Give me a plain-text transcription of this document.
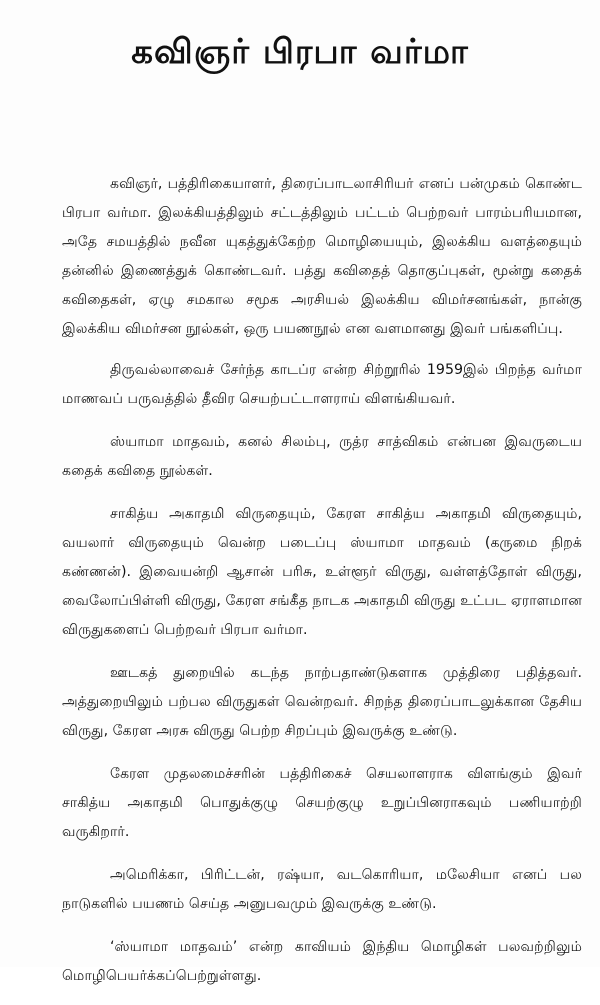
கவிஞர் பிரபா வர்மா

கவிஞர், பத்திரிகையாளர், திரைப்பாடலாசிரியர் எனப் பன்முகம் கொண்ட பிரபா வர்மா. இலக்கியத்திலும் சட்டத்திலும் பட்டம் பெற்றவர் பாரம்பரியமான, அதே சமயத்தில் நவீன யுகத்துக்கேற்ற மொழியையும், இலக்கிய வளத்தையும் தன்னில் இணைத்துக் கொண்டவர். பத்து கவிதைத் தொகுப்புகள், மூன்று கதைக் கவிதைகள், ஏழு சமகால சமூக அரசியல் இலக்கிய விமர்சனங்கள், நான்கு இலக்கிய விமர்சன நூல்கள், ஒரு பயணநூல் என வளமானது இவர் பங்களிப்பு.

திருவல்லாவைச் சேர்ந்த காடப்ர என்ற சிற்றூரில் 1959இல் பிறந்த வர்மா மாணவப் பருவத்தில் தீவிர செயற்பட்டாளராய் விளங்கியவர்.

ஸ்யாமா மாதவம், கனல் சிலம்பு, ருத்ர சாத்விகம் என்பன இவருடைய கதைக் கவிதை நூல்கள்.

சாகித்ய அகாதமி விருதையும், கேரள சாகித்ய அகாதமி விருதையும், வயலார் விருதையும் வென்ற படைப்பு ஸ்யாமா மாதவம் (கருமை நிறக் கண்ணன்). இவையன்றி ஆசான் பரிசு, உள்ளூர் விருது, வள்ளத்தோள் விருது, வைலோப்பிள்ளி விருது, கேரள சங்கீத நாடக அகாதமி விருது உட்பட ஏராளமான விருதுகளைப் பெற்றவர் பிரபா வர்மா.

ஊடகத் துறையில் கடந்த நாற்பதாண்டுகளாக முத்திரை பதித்தவர். அத்துறையிலும் பற்பல விருதுகள் வென்றவர். சிறந்த திரைப்பாடலுக்கான தேசிய விருது, கேரள அரசு விருது பெற்ற சிறப்பும் இவருக்கு உண்டு.

கேரள முதலமைச்சரின் பத்திரிகைச் செயலாளராக விளங்கும் இவர் சாகித்ய அகாதமி பொதுக்குழு செயற்குழு உறுப்பினராகவும் பணியாற்றி வருகிறார்.

அமெரிக்கா, பிரிட்டன், ரஷ்யா, வடகொரியா, மலேசியா எனப் பல நாடுகளில் பயணம் செய்த அனுபவமும் இவருக்கு உண்டு.

‘ஸ்யாமா மாதவம்’ என்ற காவியம் இந்திய மொழிகள் பலவற்றிலும் மொழிபெயர்க்கப்பெற்றுள்ளது.
